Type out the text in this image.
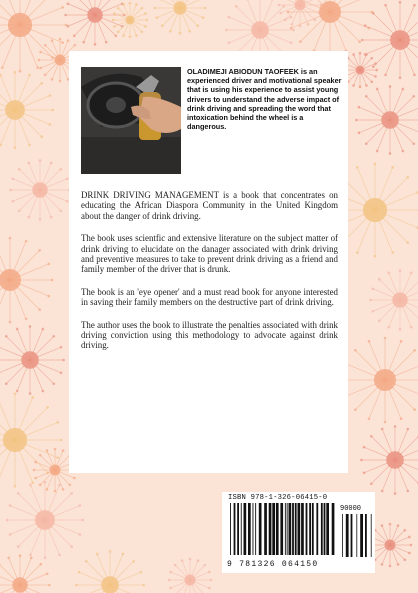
OLADIMEJI ABIODUN TAOFEEK is an experienced driver and motivational speaker that is using his experience to assist young drivers to understand the adverse impact of drink driving and spreading the word that intoxication behind the wheel is a dangerous.

DRINK DRIVING MANAGEMENT is a book that concentrates on educating the African Diaspora Community in the United Kingdom about the danger of drink driving.

The book uses scientfic and extensive literature on the subject matter of drink driving to elucidate on the danager associated with drink driving and preventive measures to take to prevent drink driving as a friend and family member of the driver that is drunk.

The book is an 'eye opener' and a must read book for anyone interested in saving their family members on the destructive part of drink driving.

The author uses the book to illustrate the penalties associated with drink driving conviction using this methodology to advocate against drink driving.

ISBN 978-1-326-06415-0
90000
9 781326 064150
